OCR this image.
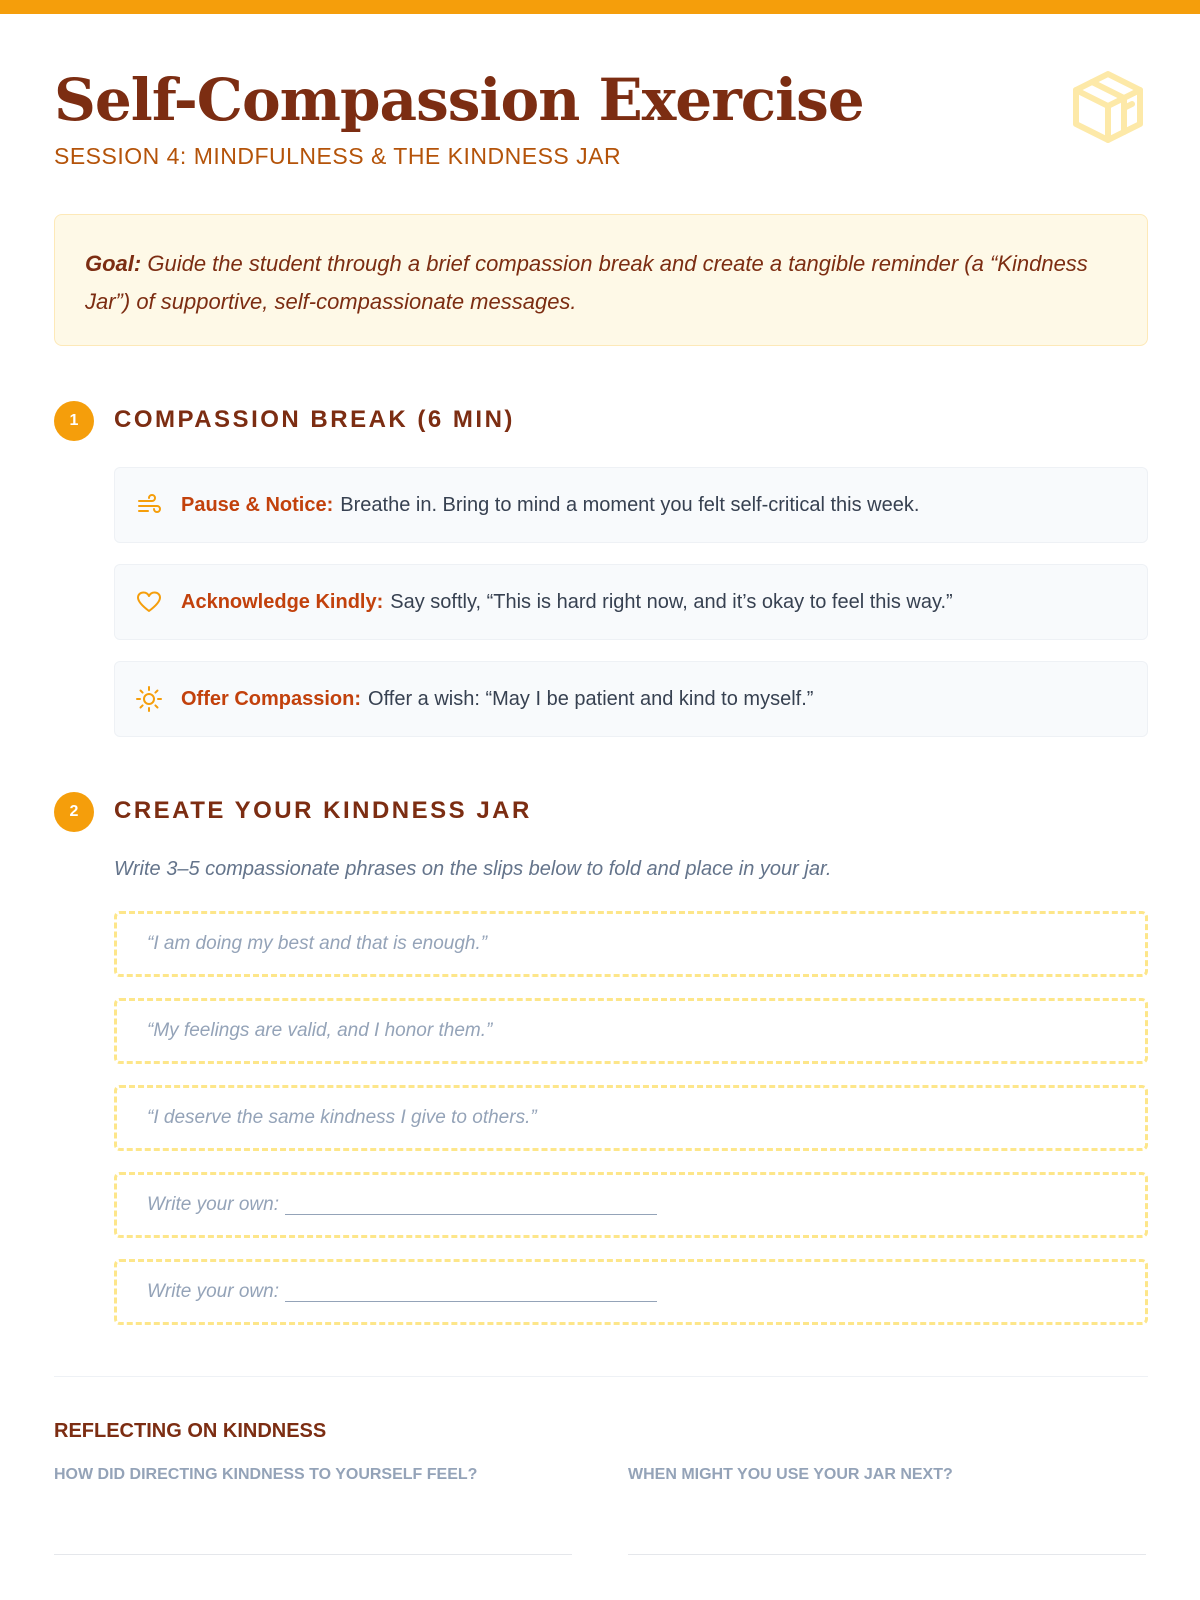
Self-Compassion Exercise
SESSION 4: MINDFULNESS & THE KINDNESS JAR
Goal: Guide the student through a brief compassion break and create a tangible reminder (a “Kindness Jar”) of supportive, self-compassionate messages.
1	COMPASSION BREAK (6 MIN)
Pause & Notice: Breathe in. Bring to mind a moment you felt self-critical this week.
Acknowledge Kindly: Say softly, “This is hard right now, and it’s okay to feel this way.”
Offer Compassion: Offer a wish: “May I be patient and kind to myself.”
2	CREATE YOUR KINDNESS JAR
Write 3–5 compassionate phrases on the slips below to fold and place in your jar.
“I am doing my best and that is enough.”
“My feelings are valid, and I honor them.”
“I deserve the same kindness I give to others.”
Write your own:
Write your own:
REFLECTING ON KINDNESS
HOW DID DIRECTING KINDNESS TO YOURSELF FEEL?	WHEN MIGHT YOU USE YOUR JAR NEXT?
